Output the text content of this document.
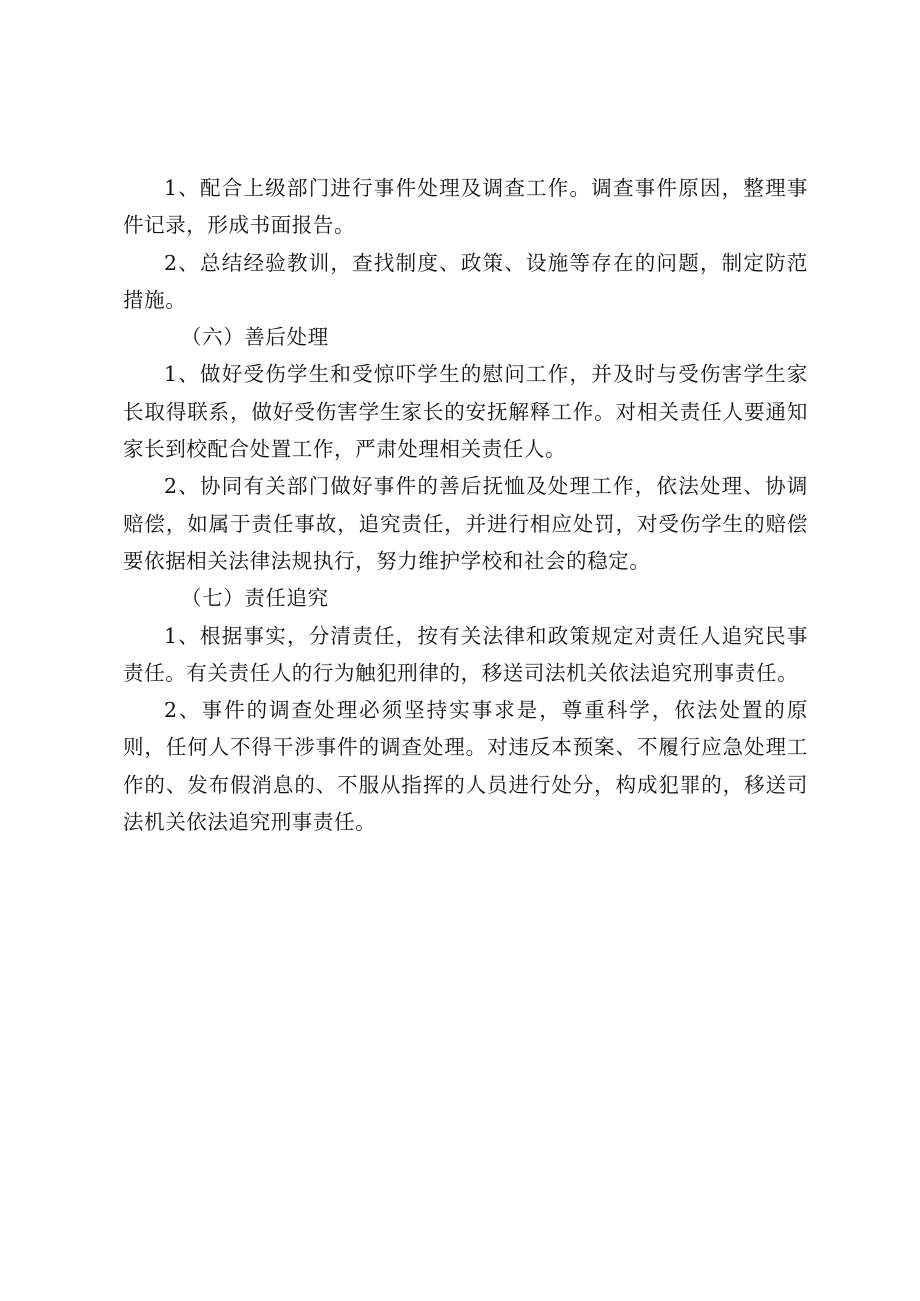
1、配合上级部门进行事件处理及调查工作。调查事件原因，整理事件记录，形成书面报告。

2、总结经验教训，查找制度、政策、设施等存在的问题，制定防范措施。

（六）善后处理

1、做好受伤学生和受惊吓学生的慰问工作，并及时与受伤害学生家长取得联系，做好受伤害学生家长的安抚解释工作。对相关责任人要通知家长到校配合处置工作，严肃处理相关责任人。

2、协同有关部门做好事件的善后抚恤及处理工作，依法处理、协调赔偿，如属于责任事故，追究责任，并进行相应处罚，对受伤学生的赔偿要依据相关法律法规执行，努力维护学校和社会的稳定。

（七）责任追究

1、根据事实，分清责任，按有关法律和政策规定对责任人追究民事责任。有关责任人的行为触犯刑律的，移送司法机关依法追究刑事责任。

2、事件的调查处理必须坚持实事求是，尊重科学，依法处置的原则，任何人不得干涉事件的调查处理。对违反本预案、不履行应急处理工作的、发布假消息的、不服从指挥的人员进行处分，构成犯罪的，移送司法机关依法追究刑事责任。
